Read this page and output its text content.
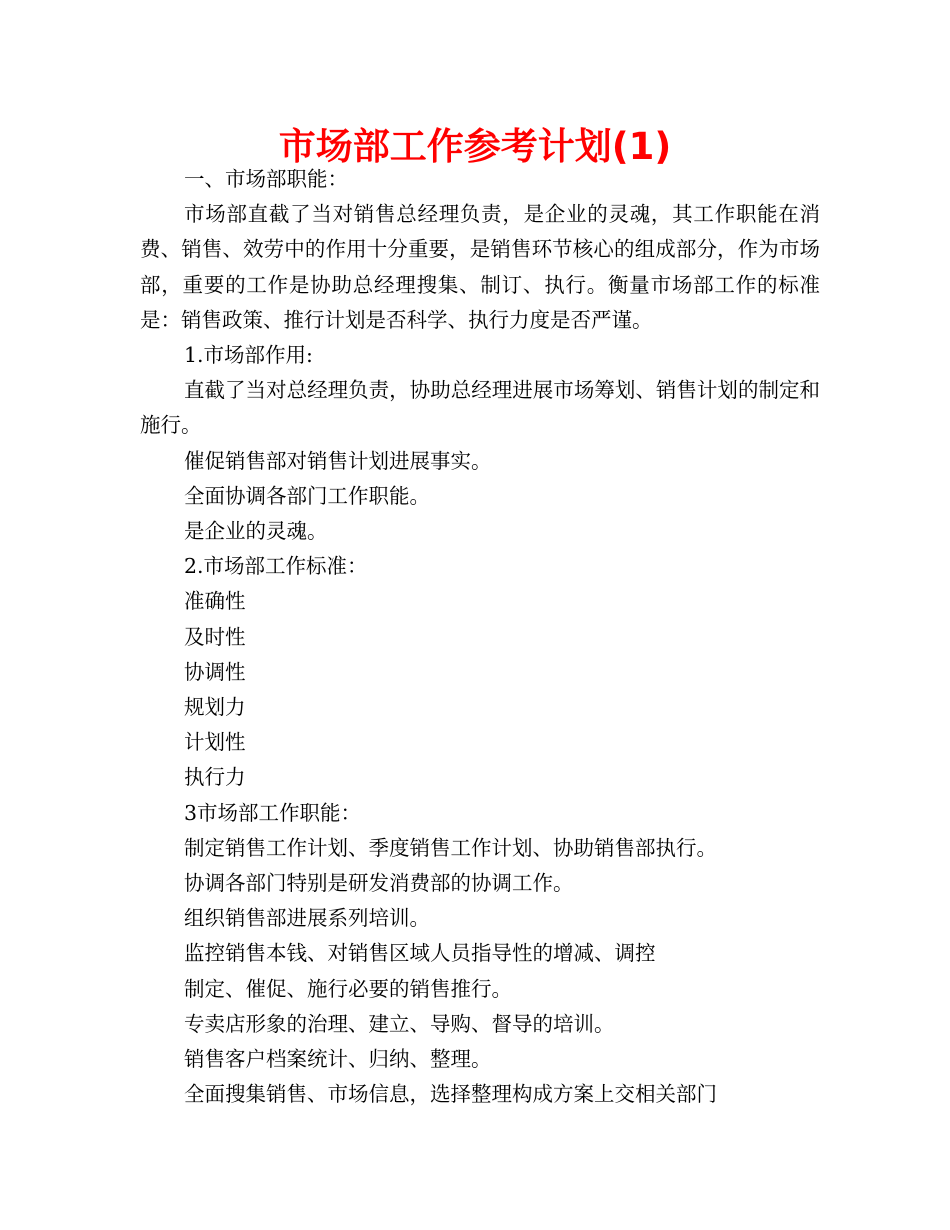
市场部工作参考计划(1)

一、市场部职能：

市场部直截了当对销售总经理负责，是企业的灵魂，其工作职能在消费、销售、效劳中的作用十分重要，是销售环节核心的组成部分，作为市场部，重要的工作是协助总经理搜集、制订、执行。衡量市场部工作的标准是：销售政策、推行计划是否科学、执行力度是否严谨。

1.市场部作用:

直截了当对总经理负责，协助总经理进展市场筹划、销售计划的制定和施行。

催促销售部对销售计划进展事实。

全面协调各部门工作职能。

是企业的灵魂。

2.市场部工作标准：

准确性

及时性

协调性

规划力

计划性

执行力

3市场部工作职能：

制定销售工作计划、季度销售工作计划、协助销售部执行。

协调各部门特别是研发消费部的协调工作。

组织销售部进展系列培训。

监控销售本钱、对销售区域人员指导性的增减、调控

制定、催促、施行必要的销售推行。

专卖店形象的治理、建立、导购、督导的培训。

销售客户档案统计、归纳、整理。

全面搜集销售、市场信息，选择整理构成方案上交相关部门
